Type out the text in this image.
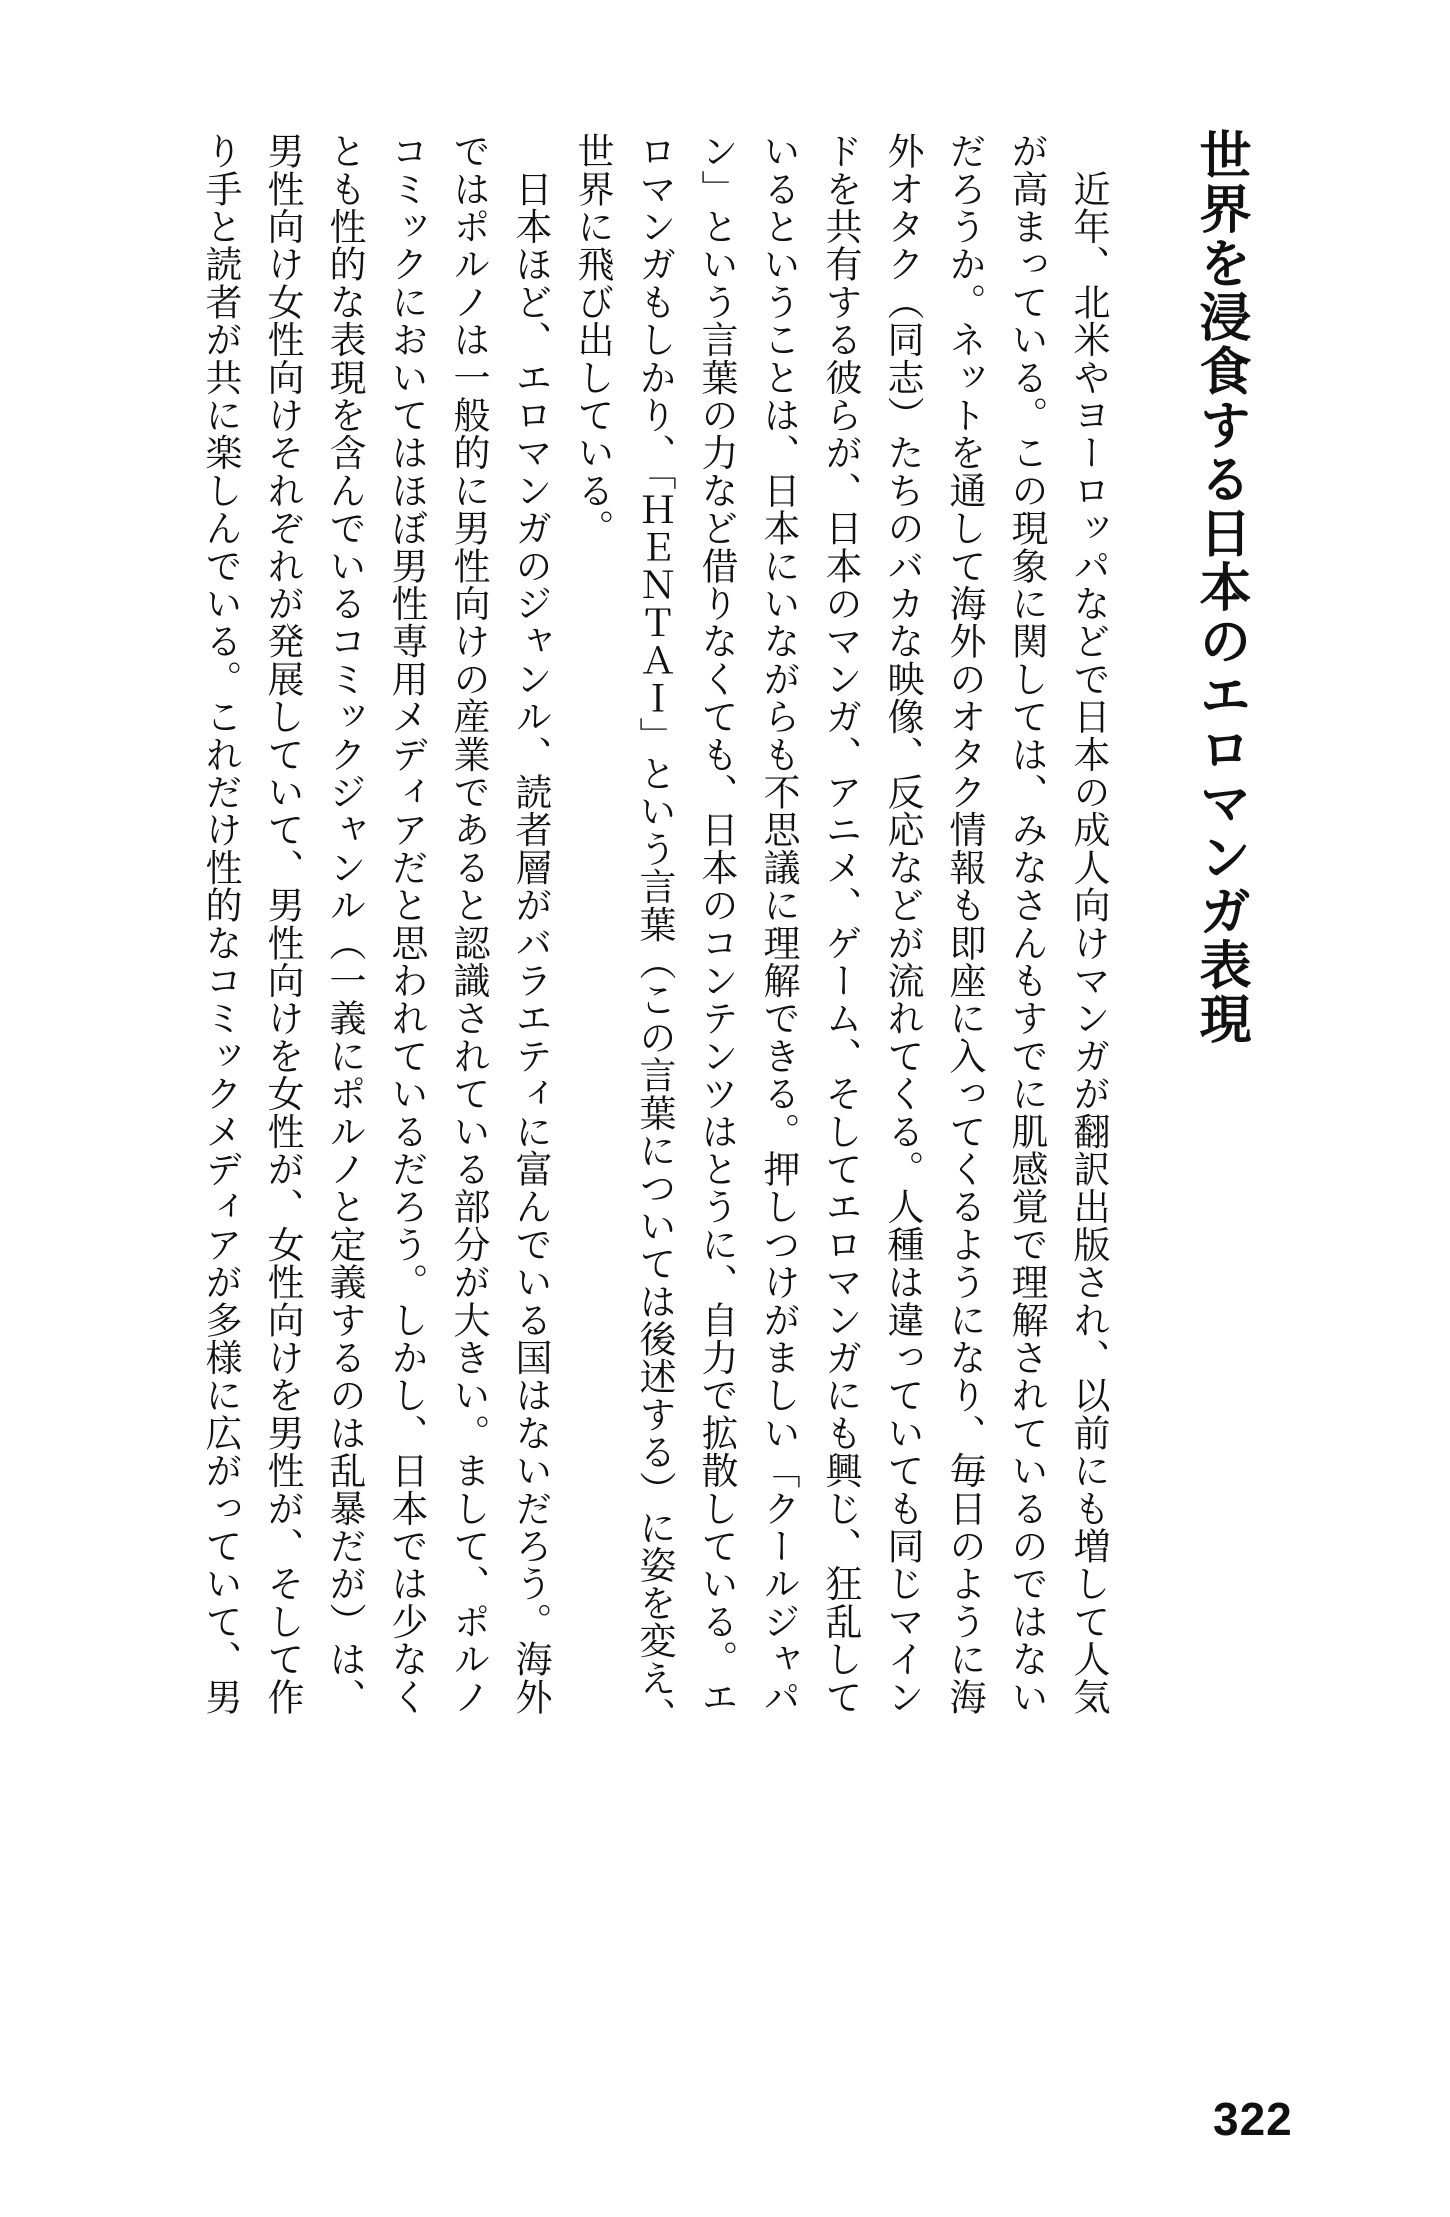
世界を浸食する日本のエロマンガ表現
　近年、北米やヨーロッパなどで日本の成人向けマンガが翻訳出版され、以前にも増して人気
が高まっている。この現象に関しては、みなさんもすでに肌感覚で理解されているのではない
だろうか。ネットを通して海外のオタク情報も即座に入ってくるようになり、毎日のように海
外オタク（同志）たちのバカな映像、反応などが流れてくる。人種は違っていても同じマイン
ドを共有する彼らが、日本のマンガ、アニメ、ゲーム、そしてエロマンガにも興じ、狂乱して
いるということは、日本にいながらも不思議に理解できる。押しつけがましい「クールジャパ
ン」という言葉の力など借りなくても、日本のコンテンツはとうに、自力で拡散している。エ
ロマンガもしかり、「ＨＥＮＴＡＩ」という言葉（この言葉については後述する）に姿を変え、
世界に飛び出している。
　日本ほど、エロマンガのジャンル、読者層がバラエティに富んでいる国はないだろう。海外
ではポルノは一般的に男性向けの産業であると認識されている部分が大きい。まして、ポルノ
コミックにおいてはほぼ男性専用メディアだと思われているだろう。しかし、日本では少なく
とも性的な表現を含んでいるコミックジャンル（一義にポルノと定義するのは乱暴だが）は、
男性向け女性向けそれぞれが発展していて、男性向けを女性が、女性向けを男性が、そして作
り手と読者が共に楽しんでいる。これだけ性的なコミックメディアが多様に広がっていて、男
322
